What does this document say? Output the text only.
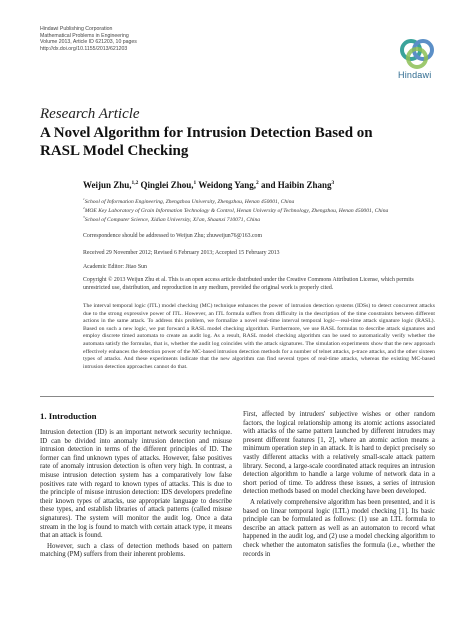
Hindawi Publishing Corporation
Mathematical Problems in Engineering
Volume 2013, Article ID 621203, 10 pages
http://dx.doi.org/10.1155/2013/621203
Hindawi
Research Article
A Novel Algorithm for Intrusion Detection Based on RASL Model Checking
Weijun Zhu,$^{1,2}$ Qinglei Zhou,$^1$ Weidong Yang,$^2$ and Haibin Zhang$^3$
$^1$School of Information Engineering, Zhengzhou University, Zhengzhou, Henan 450001, China
$^2$MOE Key Laboratory of Grain Information Technology & Control, Henan University of Technology, Zhengzhou, Henan 450001, China
$^3$School of Computer Science, Xidian University, Xi'an, Shaanxi 710071, China
Correspondence should be addressed to Weijun Zhu; zhuweijun76@163.com
Received 29 November 2012; Revised 6 February 2013; Accepted 15 February 2013
Academic Editor: Jitao Sun
Copyright © 2013 Weijun Zhu et al. This is an open access article distributed under the Creative Commons Attribution License, which permits unrestricted use, distribution, and reproduction in any medium, provided the original work is properly cited.
The interval temporal logic (ITL) model checking (MC) technique enhances the power of intrusion detection systems (IDSs) to detect concurrent attacks due to the strong expressive power of ITL. However, an ITL formula suffers from difficulty in the description of the time constraints between different actions in the same attack. To address this problem, we formalize a novel real-time interval temporal logic—real-time attack signature logic (RASL). Based on such a new logic, we put forward a RASL model checking algorithm. Furthermore, we use RASL formulas to describe attack signatures and employ discrete timed automata to create an audit log. As a result, RASL model checking algorithm can be used to automatically verify whether the automata satisfy the formulas, that is, whether the audit log coincides with the attack signatures. The simulation experiments show that the new approach effectively enhances the detection power of the MC-based intrusion detection methods for a number of telnet attacks, p-trace attacks, and the other sixteen types of attacks. And these experiments indicate that the new algorithm can find several types of real-time attacks, whereas the existing MC-based intrusion detection approaches cannot do that.
1. Introduction

Intrusion detection (ID) is an important network security technique. ID can be divided into anomaly intrusion detection and misuse intrusion detection in terms of the different principles of ID. The former can find unknown types of attacks. However, false positives rate of anomaly intrusion detection is often very high. In contrast, a misuse intrusion detection system has a comparatively low false positives rate with regard to known types of attacks. This is due to the principle of misuse intrusion detection: IDS developers predefine their known types of attacks, use appropriate language to describe these types, and establish libraries of attack patterns (called misuse signatures). The system will monitor the audit log. Once a data stream in the log is found to match with certain attack type, it means that an attack is found.

However, such a class of detection methods based on pattern matching (PM) suffers from their inherent problems.

First, affected by intruders' subjective wishes or other random factors, the logical relationship among its atomic actions associated with attacks of the same pattern launched by different intruders may present different features [1, 2], where an atomic action means a minimum operation step in an attack. It is hard to depict precisely so vastly different attacks with a relatively small-scale attack pattern library. Second, a large-scale coordinated attack requires an intrusion detection algorithm to handle a large volume of network data in a short period of time. To address these issues, a series of intrusion detection methods based on model checking have been developed.

A relatively comprehensive algorithm has been presented, and it is based on linear temporal logic (LTL) model checking [1]. Its basic principle can be formulated as follows: (1) use an LTL formula to describe an attack pattern as well as an automaton to record what happened in the audit log, and (2) use a model checking algorithm to check whether the automaton satisfies the formula (i.e., whether the records in
